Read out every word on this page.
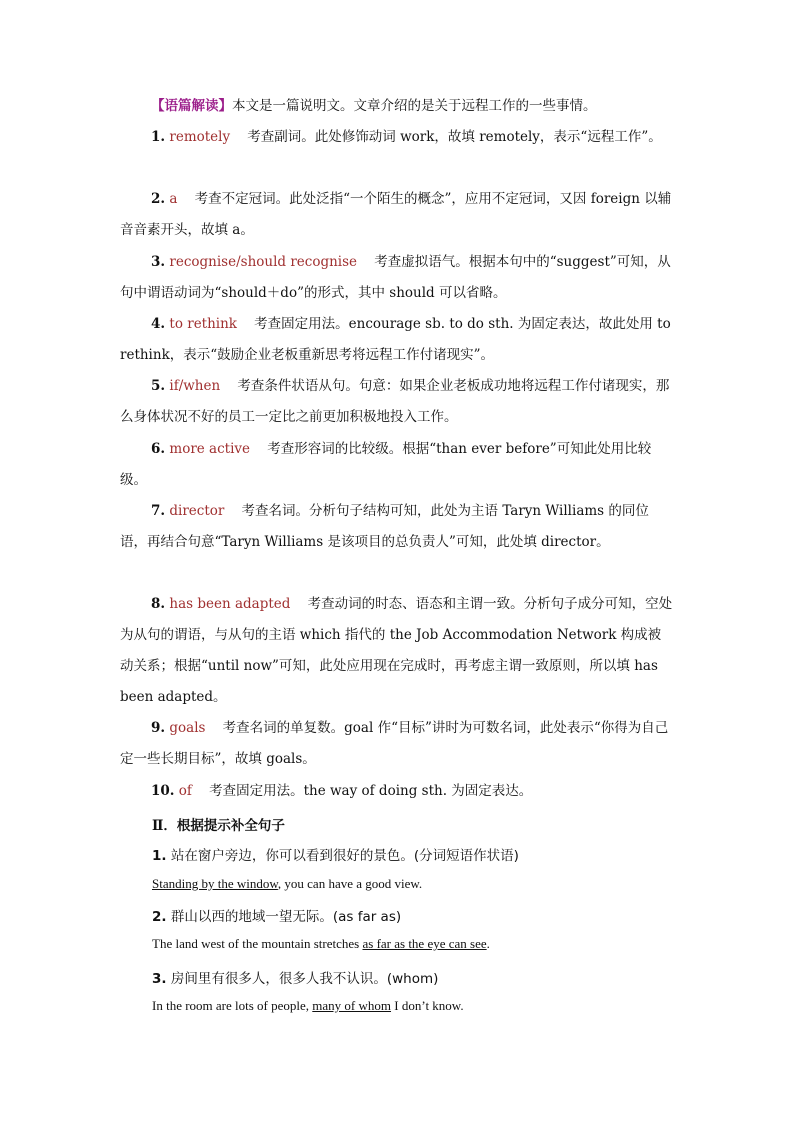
【语篇解读】本文是一篇说明文。文章介绍的是关于远程工作的一些事情。
1. remotely 考查副词。此处修饰动词 work，故填 remotely，表示“远程工作”。
2. a 考查不定冠词。此处泛指“一个陌生的概念”，应用不定冠词，又因 foreign 以辅音音素开头，故填 a。
3. recognise/should recognise 考查虚拟语气。根据本句中的“suggest”可知，从句中谓语动词为“should＋do”的形式，其中 should 可以省略。
4. to rethink 考查固定用法。encourage sb. to do sth. 为固定表达，故此处用 to rethink，表示“鼓励企业老板重新思考将远程工作付诸现实”。
5. if/when 考查条件状语从句。句意：如果企业老板成功地将远程工作付诸现实，那么身体状况不好的员工一定比之前更加积极地投入工作。
6. more active 考查形容词的比较级。根据“than ever before”可知此处用比较级。
7. director 考查名词。分析句子结构可知，此处为主语 Taryn Williams 的同位语，再结合句意“Taryn Williams 是该项目的总负责人”可知，此处填 director。
8. has been adapted 考查动词的时态、语态和主谓一致。分析句子成分可知，空处为从句的谓语，与从句的主语 which 指代的 the Job Accommodation Network 构成被动关系；根据“until now”可知，此处应用现在完成时，再考虑主谓一致原则，所以填 has been adapted。
9. goals 考查名词的单复数。goal 作“目标”讲时为可数名词，此处表示“你得为自己定一些长期目标”，故填 goals。
10. of 考查固定用法。the way of doing sth. 为固定表达。
Ⅱ．根据提示补全句子
1. 站在窗户旁边，你可以看到很好的景色。(分词短语作状语)
Standing by the window, you can have a good view.
2. 群山以西的地域一望无际。(as far as)
The land west of the mountain stretches as far as the eye can see.
3. 房间里有很多人，很多人我不认识。(whom)
In the room are lots of people, many of whom I don’t know.
